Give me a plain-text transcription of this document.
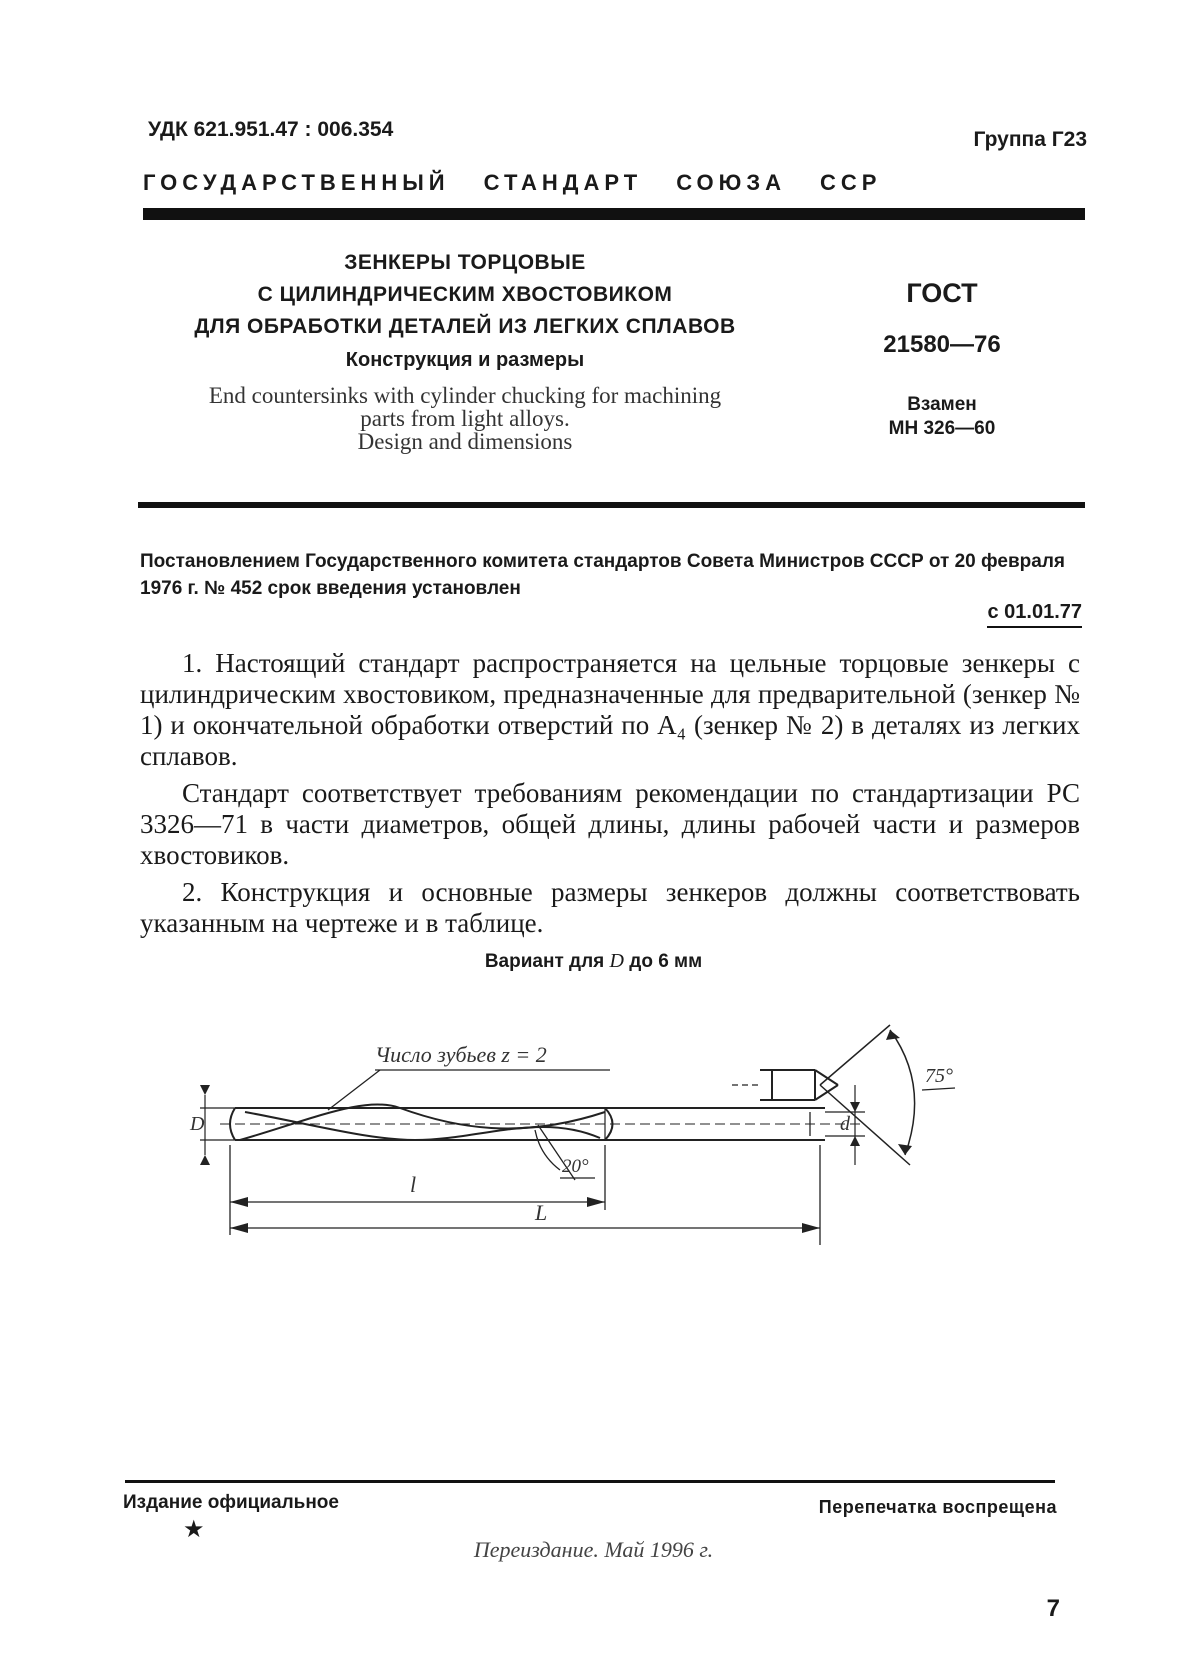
УДК 621.951.47 : 006.354	Группа Г23
ГОСУДАРСТВЕННЫЙ СТАНДАРТ СОЮЗА ССР
ЗЕНКЕРЫ ТОРЦОВЫЕ
С ЦИЛИНДРИЧЕСКИМ ХВОСТОВИКОМ
ДЛЯ ОБРАБОТКИ ДЕТАЛЕЙ ИЗ ЛЕГКИХ СПЛАВОВ
Конструкция и размеры
End countersinks with cylinder chucking for machining
parts from light alloys.
Design and dimensions
ГОСТ
21580—76
Взамен
МН 326—60
Постановлением Государственного комитета стандартов Совета Министров СССР от 20 февраля 1976 г. № 452 срок введения установлен
с 01.01.77

1. Настоящий стандарт распространяется на цельные торцовые зенкеры с цилиндрическим хвостовиком, предназначенные для предварительной (зенкер № 1) и окончательной обработки отверстий по A₄ (зенкер № 2) в деталях из легких сплавов.

Стандарт соответствует требованиям рекомендации по стандартизации РС 3326—71 в части диаметров, общей длины, длины рабочей части и размеров хвостовиков.

2. Конструкция и основные размеры зенкеров должны соответствовать указанным на чертеже и в таблице.

Вариант для D до 6 мм
Число зубьев z = 2
75°
20°
D	d
l
L
Издание официальное
★
Перепечатка воспрещена
Переиздание. Май 1996 г.
7
